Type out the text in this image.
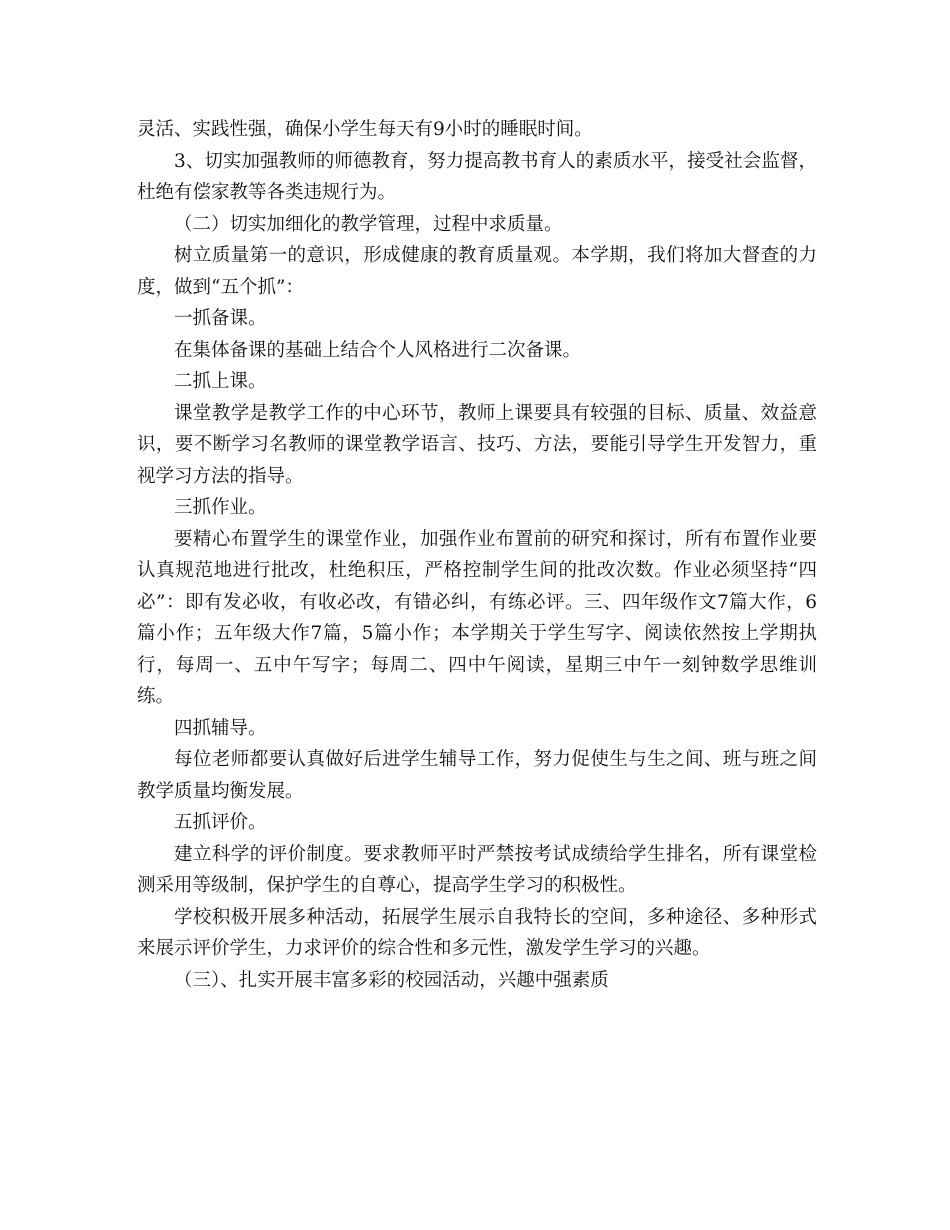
灵活、实践性强，确保小学生每天有9小时的睡眠时间。

3、切实加强教师的师德教育，努力提高教书育人的素质水平，接受社会监督，杜绝有偿家教等各类违规行为。

（二）切实加细化的教学管理，过程中求质量。

树立质量第一的意识，形成健康的教育质量观。本学期，我们将加大督查的力度，做到“五个抓”：

一抓备课。

在集体备课的基础上结合个人风格进行二次备课。

二抓上课。

课堂教学是教学工作的中心环节，教师上课要具有较强的目标、质量、效益意识，要不断学习名教师的课堂教学语言、技巧、方法，要能引导学生开发智力，重视学习方法的指导。

三抓作业。

要精心布置学生的课堂作业，加强作业布置前的研究和探讨，所有布置作业要认真规范地进行批改，杜绝积压，严格控制学生间的批改次数。作业必须坚持“四必”：即有发必收，有收必改，有错必纠，有练必评。三、四年级作文7篇大作，6篇小作；五年级大作7篇，5篇小作；本学期关于学生写字、阅读依然按上学期执行，每周一、五中午写字；每周二、四中午阅读，星期三中午一刻钟数学思维训练。

四抓辅导。

每位老师都要认真做好后进学生辅导工作，努力促使生与生之间、班与班之间教学质量均衡发展。

五抓评价。

建立科学的评价制度。要求教师平时严禁按考试成绩给学生排名，所有课堂检测采用等级制，保护学生的自尊心，提高学生学习的积极性。

学校积极开展多种活动，拓展学生展示自我特长的空间，多种途径、多种形式来展示评价学生，力求评价的综合性和多元性，激发学生学习的兴趣。

（三）、扎实开展丰富多彩的校园活动，兴趣中强素质
